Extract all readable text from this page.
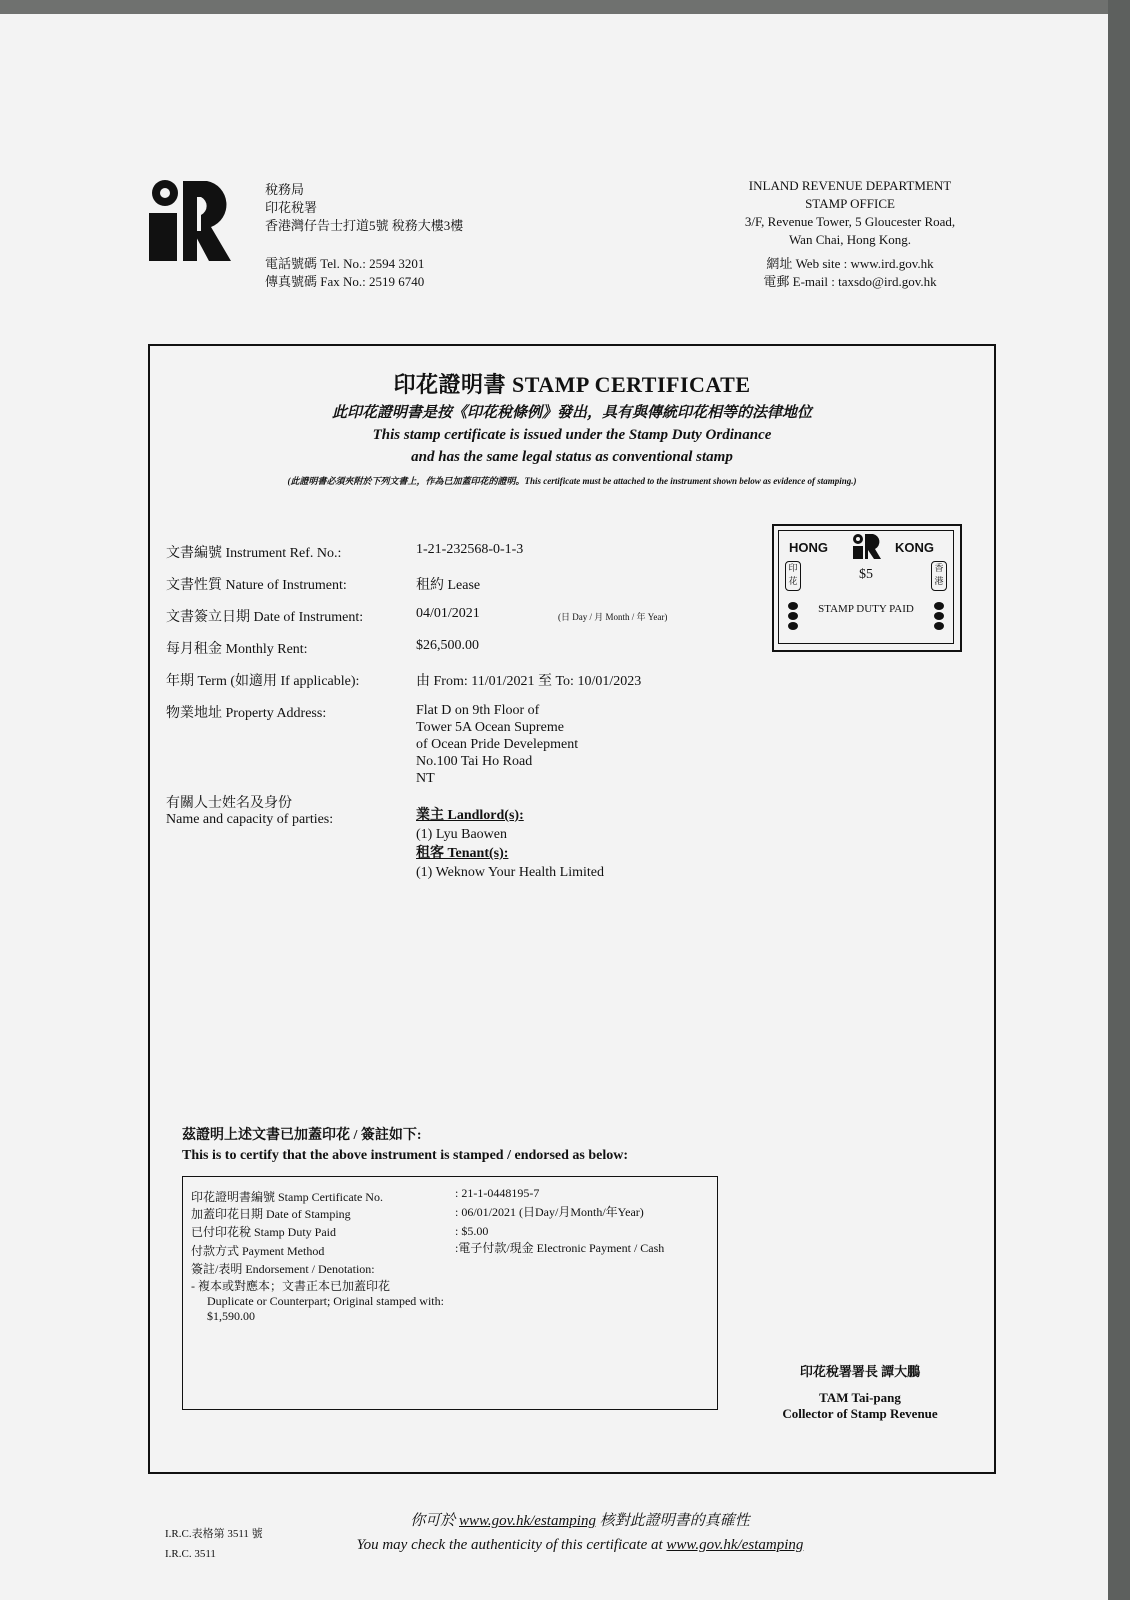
稅務局
印花稅署
香港灣仔告士打道5號 稅務大樓3樓
電話號碼 Tel. No.: 2594 3201
傳真號碼 Fax No.: 2519 6740
INLAND REVENUE DEPARTMENT
STAMP OFFICE
3/F, Revenue Tower, 5 Gloucester Road,
Wan Chai, Hong Kong.
網址 Web site : www.ird.gov.hk
電郵 E-mail : taxsdo@ird.gov.hk
印花證明書 STAMP CERTIFICATE
此印花證明書是按《印花稅條例》發出，具有與傳統印花相等的法律地位
This stamp certificate is issued under the Stamp Duty Ordinance
and has the same legal status as conventional stamp
(此證明書必須夾附於下列文書上，作為已加蓋印花的證明。This certificate must be attached to the instrument shown below as evidence of stamping.)
文書編號 Instrument Ref. No.:	1-21-232568-0-1-3
文書性質 Nature of Instrument:	租約 Lease
文書簽立日期 Date of Instrument:	04/01/2021	(日 Day / 月 Month / 年 Year)
每月租金 Monthly Rent:	$26,500.00
年期 Term (如適用 If applicable):	由 From: 11/01/2021 至 To: 10/01/2023
物業地址 Property Address:	Flat D on 9th Floor of
Tower 5A Ocean Supreme
of Ocean Pride Develepment
No.100 Tai Ho Road
NT
有關人士姓名及身份
Name and capacity of parties:	業主 Landlord(s):
(1) Lyu Baowen
租客 Tenant(s):
(1) Weknow Your Health Limited
HONG	KONG
印花
香港
$5
STAMP DUTY PAID
茲證明上述文書已加蓋印花 / 簽註如下:
This is to certify that the above instrument is stamped / endorsed as below:
印花證明書編號 Stamp Certificate No.	: 21-1-0448195-7
加蓋印花日期 Date of Stamping	: 06/01/2021 (日Day/月Month/年Year)
已付印花稅 Stamp Duty Paid	: $5.00
付款方式 Payment Method	:電子付款/現金 Electronic Payment / Cash
簽註/表明 Endorsement / Denotation:
- 複本或對應本；文書正本已加蓋印花
Duplicate or Counterpart; Original stamped with:
$1,590.00
印花稅署署長 譚大鵬
TAM Tai-pang
Collector of Stamp Revenue
I.R.C.表格第 3511 號
I.R.C. 3511
你可於 www.gov.hk/estamping 核對此證明書的真確性
You may check the authenticity of this certificate at www.gov.hk/estamping
